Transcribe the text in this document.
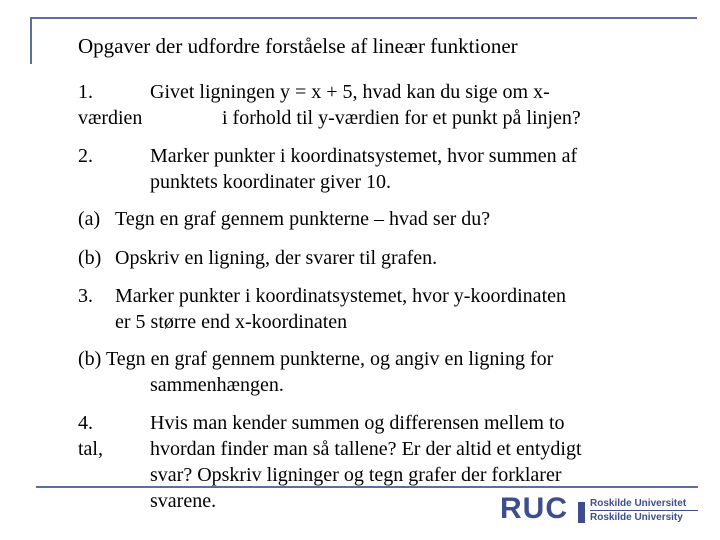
Opgaver der udfordre forståelse af lineær funktioner
1.	Givet ligningen y = x + 5, hvad kan du sige om x-
værdien	i forhold til y-værdien for et punkt på linjen?
2.	Marker punkter i koordinatsystemet, hvor summen af
punktets koordinater giver 10.
(a) Tegn en graf gennem punkterne – hvad ser du?
(b) Opskriv en ligning, der svarer til grafen.
3. Marker punkter i koordinatsystemet, hvor y-koordinaten
er 5 større end x-koordinaten
(b) Tegn en graf gennem punkterne, og angiv en ligning for
sammenhængen.
4.
tal,
Hvis man kender summen og differensen mellem to
hvordan finder man så tallene? Er der altid et entydigt
svar? Opskriv ligninger og tegn grafer der forklarer
svarene.	RUC Roskilde Universitet
Roskilde University
